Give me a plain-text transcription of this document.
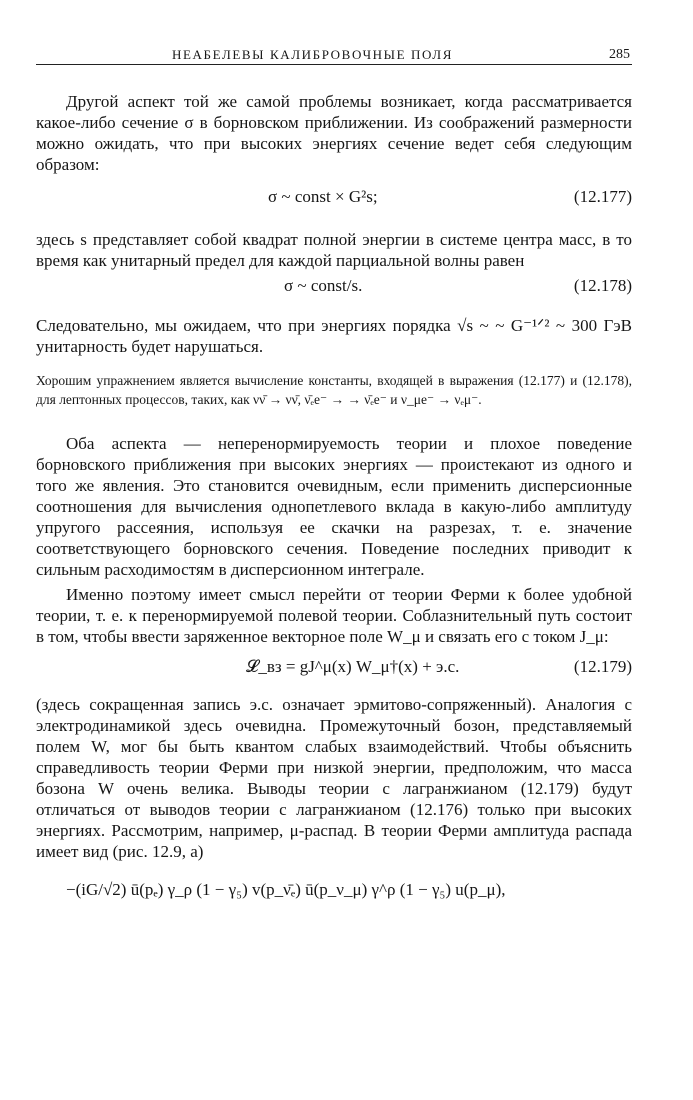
НЕАБЕЛЕВЫ КАЛИБРОВОЧНЫЕ ПОЛЯ	285

Другой аспект той же самой проблемы возникает, когда рассматривается какое-либо сечение σ в борновском приближении. Из соображений размерности можно ожидать, что при высоких энергиях сечение ведет себя следующим образом:

σ ~ const × G²s;	(12.177)

здесь s представляет собой квадрат полной энергии в системе центра масс, в то время как унитарный предел для каждой парциальной волны равен

σ ~ const/s.	(12.178)

Следовательно, мы ожидаем, что при энергиях порядка √s ~ ~ G⁻¹ᐟ² ~ 300 ГэВ унитарность будет нарушаться.

Хорошим упражнением является вычисление константы, входящей в выражения (12.177) и (12.178), для лептонных процессов, таких, как νν̄ → νν̄, ν̄ₑe⁻ → → ν̄ₑe⁻ и ν_μe⁻ → νₑμ⁻.

Оба аспекта — неперенормируемость теории и плохое поведение борновского приближения при высоких энергиях — проистекают из одного и того же явления. Это становится очевидным, если применить дисперсионные соотношения для вычисления однопетлевого вклада в какую-либо амплитуду упругого рассеяния, используя ее скачки на разрезах, т. е. значение соответствующего борновского сечения. Поведение последних приводит к сильным расходимостям в дисперсионном интеграле.

Именно поэтому имеет смысл перейти от теории Ферми к более удобной теории, т. е. к перенормируемой полевой теории. Соблазнительный путь состоит в том, чтобы ввести заряженное векторное поле W_μ и связать его с током J_μ:

𝓛_вз = gJ^μ(x) W_μ†(x) + э.с.	(12.179)

(здесь сокращенная запись э.с. означает эрмитово-сопряженный). Аналогия с электродинамикой здесь очевидна. Промежуточный бозон, представляемый полем W, мог бы быть квантом слабых взаимодействий. Чтобы объяснить справедливость теории Ферми при низкой энергии, предположим, что масса бозона W очень велика. Выводы теории с лагранжианом (12.179) будут отличаться от выводов теории с лагранжианом (12.176) только при высоких энергиях. Рассмотрим, например, μ-распад. В теории Ферми амплитуда распада имеет вид (рис. 12.9, а)

−(iG/√2) ū(pₑ) γ_ρ (1 − γ₅) v(p_ν̄ₑ) ū(p_ν_μ) γ^ρ (1 − γ₅) u(p_μ),
